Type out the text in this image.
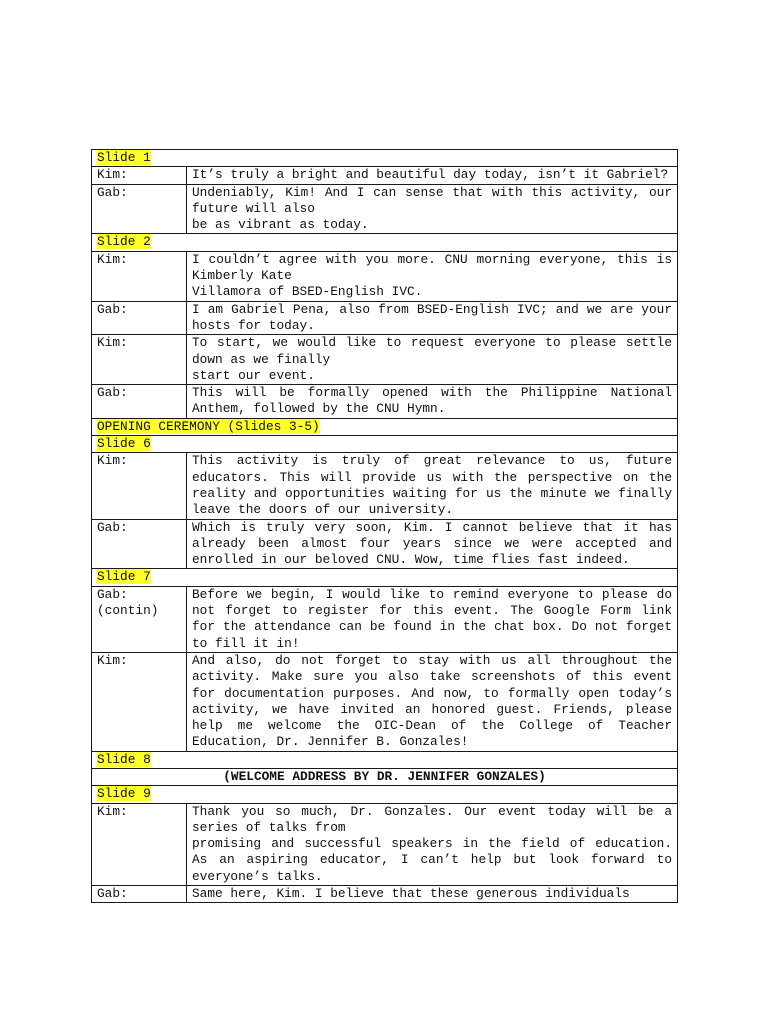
Slide 1	
Kim:	It’s truly a bright and beautiful day today, isn’t it Gabriel?

Gab:	Undeniably, Kim! And I can sense that with this activity, our future will also
be as vibrant as today.

Slide 2	
Kim:	I couldn’t agree with you more. CNU morning everyone, this is Kimberly Kate
Villamora of BSED-English IVC.

Gab:	I am Gabriel Pena, also from BSED-English IVC; and we are your hosts for today.

Kim:	To start, we would like to request everyone to please settle down as we finally
start our event.

Gab:	This will be formally opened with the Philippine National Anthem, followed by the CNU Hymn.

OPENING CEREMONY (Slides 3-5)	
Slide 6	
Kim:	This activity is truly of great relevance to us, future educators. This will provide us with the perspective on the reality and opportunities waiting for us the minute we finally leave the doors of our university.

Gab:	Which is truly very soon, Kim. I cannot believe that it has already been almost four years since we were accepted and enrolled in our beloved CNU. Wow, time flies fast indeed.

Slide 7	
Gab: (contin)	Before we begin, I would like to remind everyone to please do not forget to register for this event. The Google Form link for the attendance can be found in the chat box. Do not forget to fill it in!

Kim:	And also, do not forget to stay with us all throughout the activity. Make sure you also take screenshots of this event for documentation purposes. And now, to formally open today’s activity, we have invited an honored guest. Friends, please help me welcome the OIC-Dean of the College of Teacher Education, Dr. Jennifer B. Gonzales!

Slide 8	
(WELCOME ADDRESS BY DR. JENNIFER GONZALES)	
Slide 9	
Kim:	Thank you so much, Dr. Gonzales. Our event today will be a series of talks from
promising and successful speakers in the field of education. As an aspiring educator, I can’t help but look forward to everyone’s talks.

Gab:	Same here, Kim. I believe that these generous individuals
